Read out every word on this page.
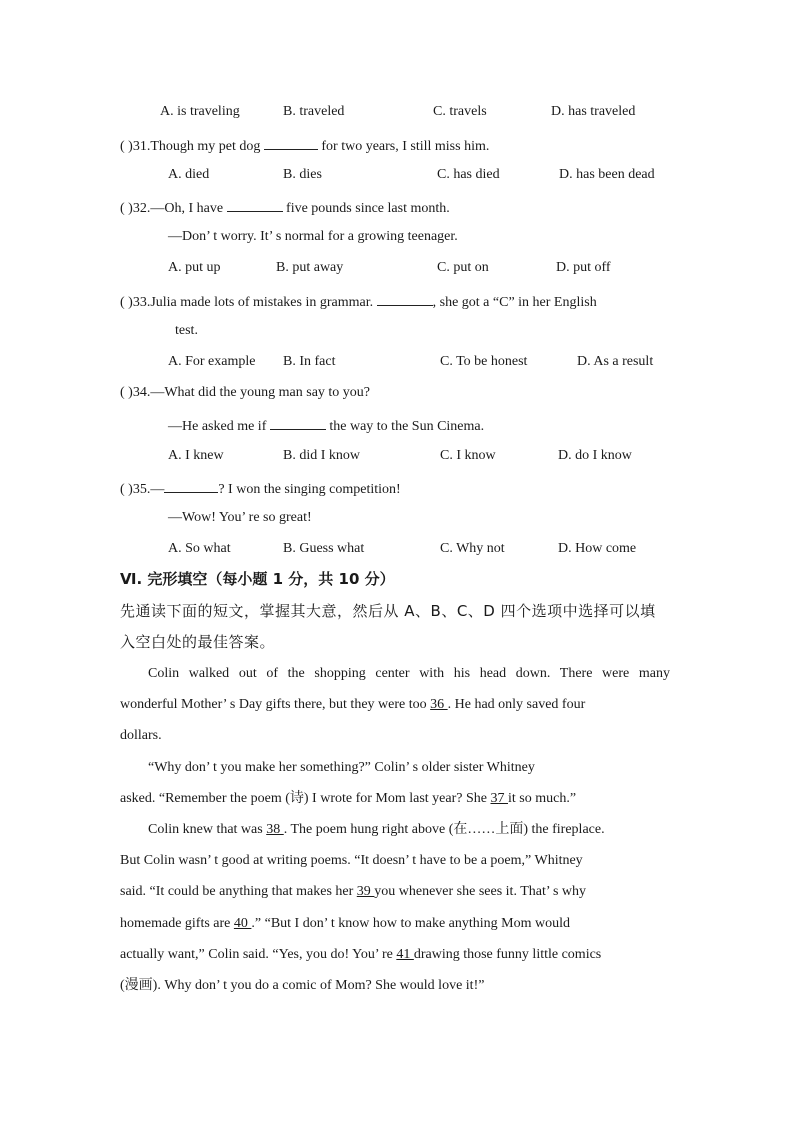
A. is traveling	B. traveled	C. travels	D. has traveled
( )31.Though my pet dog	for two years, I still miss him.
A. died	B. dies	C. has died	D. has been dead
( )32.—Oh, I have	five pounds since last month.
—Don’ t worry. It’ s normal for a growing teenager.
A. put up	B. put away	C. put on	D. put off
( )33.Julia made lots of mistakes in grammar.	, she got a “C” in her English
test.
A. For example B. In fact	C. To be honest	D. As a result
( )34.—What did the young man say to you?
—He asked me if	the way to the Sun Cinema.
A. I knew	B. did I know	C. I know	D. do I know
( )35.—	? I won the singing competition!
—Wow! You’ re so great!
A. So what	B. Guess what	C. Why not	D. How come
Ⅵ. 完形填空（每小题 1 分，共 10 分）
先通读下面的短文，掌握其大意，然后从 A、B、C、D 四个选项中选择可以填
入空白处的最佳答案。
Colin walked out of the shopping center with his head down. There were many
wonderful Mother’ s Day gifts there, but they were too 36 . He had only saved four
dollars.
“Why don’ t you make her something?” Colin’ s older sister Whitney
asked. “Remember the poem (诗) I wrote for Mom last year? She 37 it so much.”
Colin knew that was 38 . The poem hung right above (在……上面) the fireplace.
But Colin wasn’ t good at writing poems. “It doesn’ t have to be a poem,” Whitney
said. “It could be anything that makes her 39 you whenever she sees it. That’ s why
homemade gifts are 40 .” “But I don’ t know how to make anything Mom would
actually want,” Colin said. “Yes, you do! You’ re 41 drawing those funny little comics
(漫画). Why don’ t you do a comic of Mom? She would love it!”
